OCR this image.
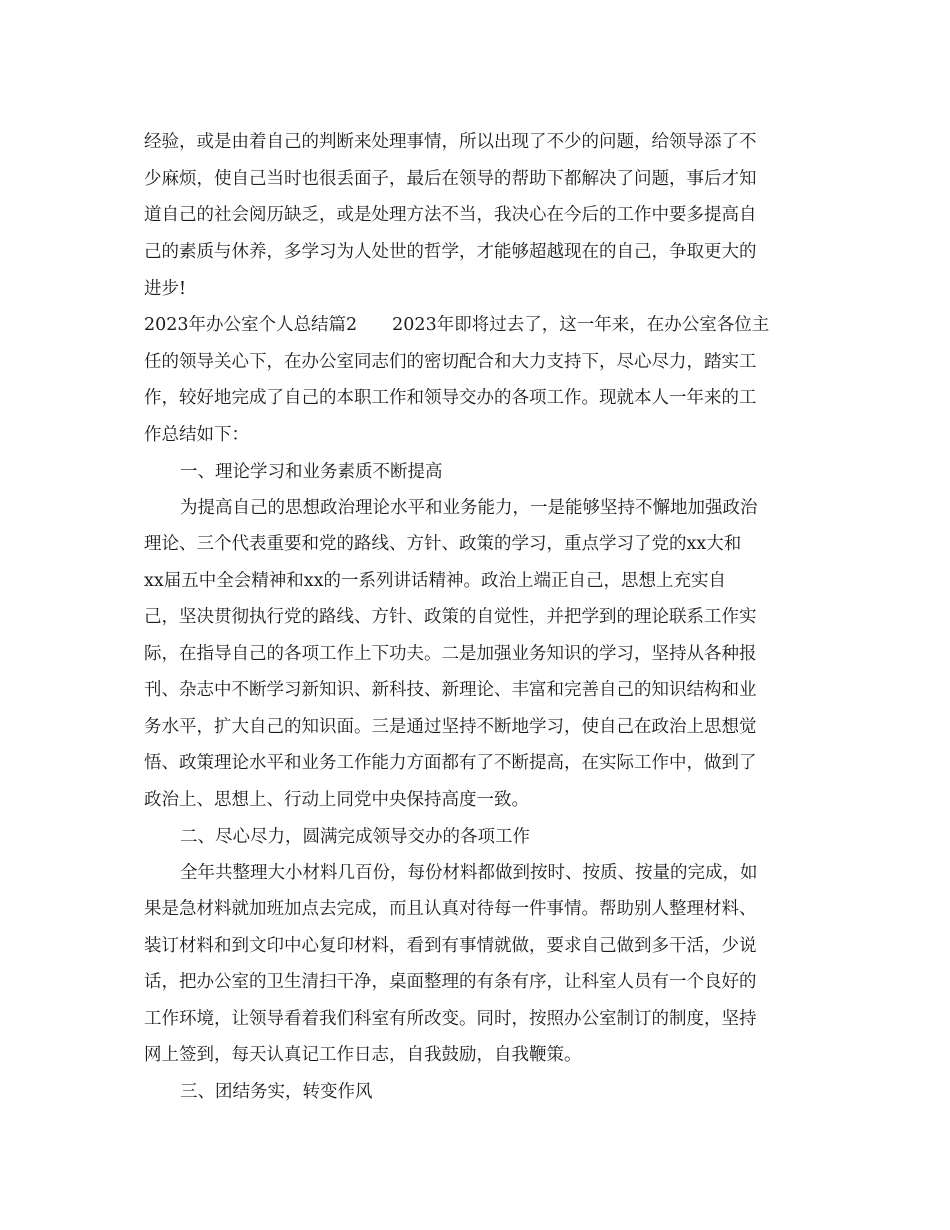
经验，或是由着自己的判断来处理事情，所以出现了不少的问题，给领导添了不
少麻烦，使自己当时也很丢面子，最后在领导的帮助下都解决了问题，事后才知
道自己的社会阅历缺乏，或是处理方法不当，我决心在今后的工作中要多提高自
己的素质与休养，多学习为人处世的哲学，才能够超越现在的自己，争取更大的
进步!
2023年办公室个人总结篇2　　2023年即将过去了，这一年来，在办公室各位主
任的领导关心下，在办公室同志们的密切配合和大力支持下，尽心尽力，踏实工
作，较好地完成了自己的本职工作和领导交办的各项工作。现就本人一年来的工
作总结如下：
一、理论学习和业务素质不断提高
为提高自己的思想政治理论水平和业务能力，一是能够坚持不懈地加强政治
理论、三个代表重要和党的路线、方针、政策的学习，重点学习了党的xx大和
xx届五中全会精神和xx的一系列讲话精神。政治上端正自己，思想上充实自
己，坚决贯彻执行党的路线、方针、政策的自觉性，并把学到的理论联系工作实
际，在指导自己的各项工作上下功夫。二是加强业务知识的学习，坚持从各种报
刊、杂志中不断学习新知识、新科技、新理论、丰富和完善自己的知识结构和业
务水平，扩大自己的知识面。三是通过坚持不断地学习，使自己在政治上思想觉
悟、政策理论水平和业务工作能力方面都有了不断提高，在实际工作中，做到了
政治上、思想上、行动上同党中央保持高度一致。
二、尽心尽力，圆满完成领导交办的各项工作
全年共整理大小材料几百份，每份材料都做到按时、按质、按量的完成，如
果是急材料就加班加点去完成，而且认真对待每一件事情。帮助别人整理材料、
装订材料和到文印中心复印材料，看到有事情就做，要求自己做到多干活，少说
话，把办公室的卫生清扫干净，桌面整理的有条有序，让科室人员有一个良好的
工作环境，让领导看着我们科室有所改变。同时，按照办公室制订的制度，坚持
网上签到，每天认真记工作日志，自我鼓励，自我鞭策。
三、团结务实，转变作风
